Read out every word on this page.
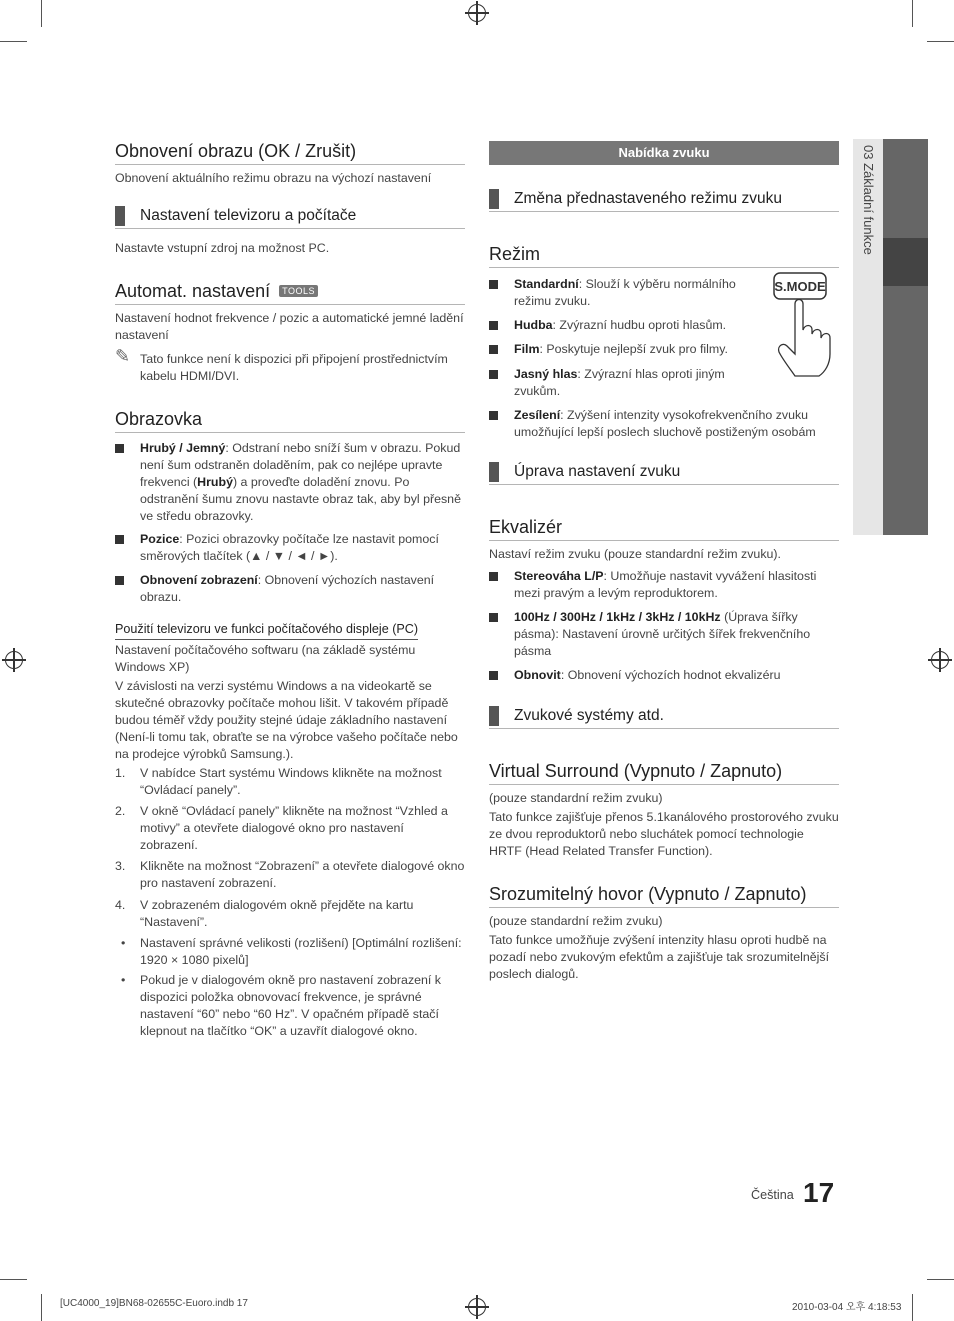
03 Základní funkce
Obnovení obrazu (OK / Zrušit)
Obnovení aktuálního režimu obrazu na výchozí nastavení
Nastavení televizoru a počítače
Nastavte vstupní zdroj na možnost PC.
Automat. nastavení TOOLS
Nastavení hodnot frekvence / pozic a automatické jemné ladění nastavení
✎ Tato funkce není k dispozici při připojení prostřednictvím kabelu HDMI/DVI.
Obrazovka
Hrubý / Jemný: Odstraní nebo sníží šum v obrazu. Pokud není šum odstraněn doladěním, pak co nejlépe upravte frekvenci (Hrubý) a proveďte doladění znovu. Po odstranění šumu znovu nastavte obraz tak, aby byl přesně ve středu obrazovky.
Pozice: Pozici obrazovky počítače lze nastavit pomocí směrových tlačítek (▲ / ▼ / ◄ / ►).
Obnovení zobrazení: Obnovení výchozích nastavení obrazu.
Použití televizoru ve funkci počítačového displeje (PC)
Nastavení počítačového softwaru (na základě systému Windows XP)
V závislosti na verzi systému Windows a na videokartě se skutečné obrazovky počítače mohou lišit. V takovém případě budou téměř vždy použity stejné údaje základního nastavení (Není-li tomu tak, obraťte se na výrobce vašeho počítače nebo na prodejce výrobků Samsung.).
1. V nabídce Start systému Windows klikněte na možnost “Ovládací panely”.
2. V okně “Ovládací panely” klikněte na možnost “Vzhled a motivy” a otevřete dialogové okno pro nastavení zobrazení.
3. Klikněte na možnost “Zobrazení” a otevřete dialogové okno pro nastavení zobrazení.
4. V zobrazeném dialogovém okně přejděte na kartu “Nastavení”.
• Nastavení správné velikosti (rozlišení) [Optimální rozlišení: 1920 × 1080 pixelů]
• Pokud je v dialogovém okně pro nastavení zobrazení k dispozici položka obnovovací frekvence, je správné nastavení “60” nebo “60 Hz”. V opačném případě stačí klepnout na tlačítko “OK” a uzavřít dialogové okno.
Nabídka zvuku
Změna přednastaveného režimu zvuku
Režim
Standardní: Slouží k výběru normálního režimu zvuku.
Hudba: Zvýrazní hudbu oproti hlasům.
Film: Poskytuje nejlepší zvuk pro filmy.
Jasný hlas: Zvýrazní hlas oproti jiným zvukům.
Zesílení: Zvýšení intenzity vysokofrekvenčního zvuku umožňující lepší poslech sluchově postiženým osobám
S.MODE
Úprava nastavení zvuku
Ekvalizér
Nastaví režim zvuku (pouze standardní režim zvuku).
Stereováha L/P: Umožňuje nastavit vyvážení hlasitosti mezi pravým a levým reproduktorem.
100Hz / 300Hz / 1kHz / 3kHz / 10kHz (Úprava šířky pásma): Nastavení úrovně určitých šířek frekvenčního pásma
Obnovit: Obnovení výchozích hodnot ekvalizéru
Zvukové systémy atd.
Virtual Surround (Vypnuto / Zapnuto)
(pouze standardní režim zvuku)
Tato funkce zajišťuje přenos 5.1kanálového prostorového zvuku ze dvou reproduktorů nebo sluchátek pomocí technologie HRTF (Head Related Transfer Function).
Srozumitelný hovor (Vypnuto / Zapnuto)
(pouze standardní režim zvuku)
Tato funkce umožňuje zvýšení intenzity hlasu oproti hudbě na pozadí nebo zvukovým efektům a zajišťuje tak srozumitelnější poslech dialogů.
Čeština 17
[UC4000_19]BN68-02655C-Euoro.indb 17	2010-03-04 오후 4:18:53
